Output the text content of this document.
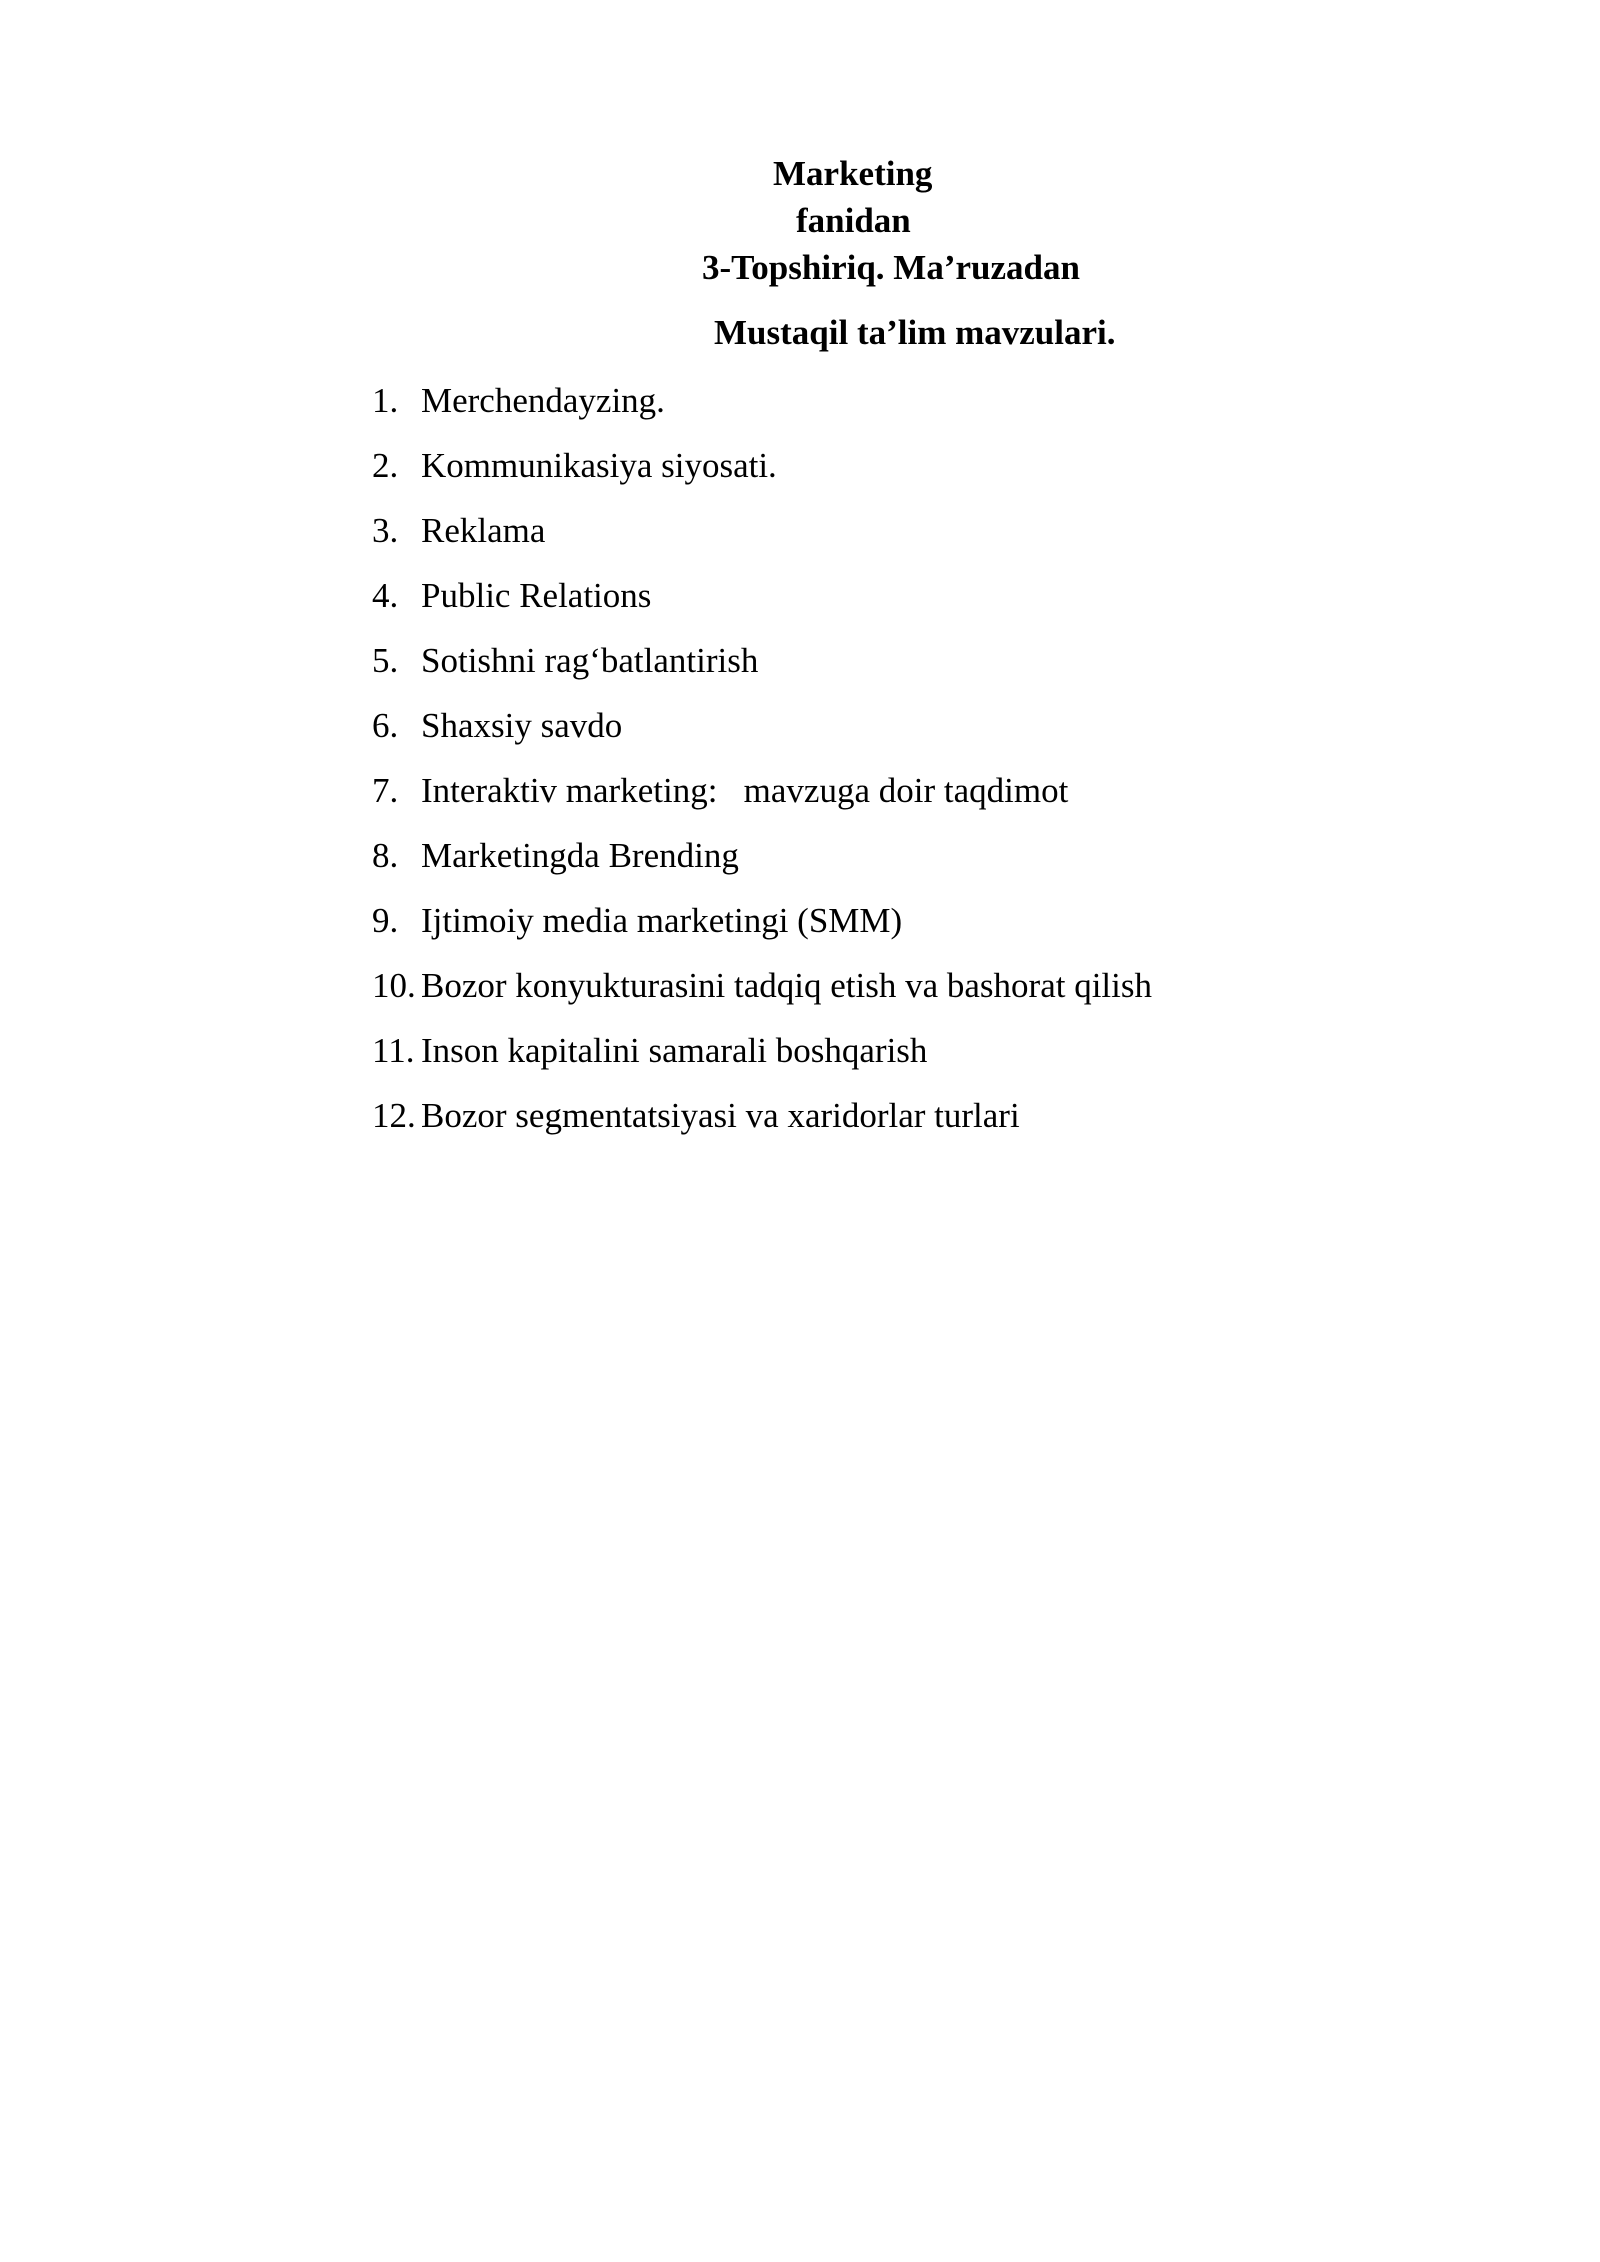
Marketing
fanidan
3-Topshiriq. Ma’ruzadan
Mustaqil ta’lim mavzulari.
1. Merchendayzing.
2. Kommunikasiya siyosati.
3. Reklama
4. Public Relations
5. Sotishni rag‘batlantirish
6. Shaxsiy savdo
7. Interaktiv marketing:   mavzuga doir taqdimot
8. Marketingda Brending
9. Ijtimoiy media marketingi (SMM)
10. Bozor konyukturasini tadqiq etish va bashorat qilish
11. Inson kapitalini samarali boshqarish
12. Bozor segmentatsiyasi va xaridorlar turlari
